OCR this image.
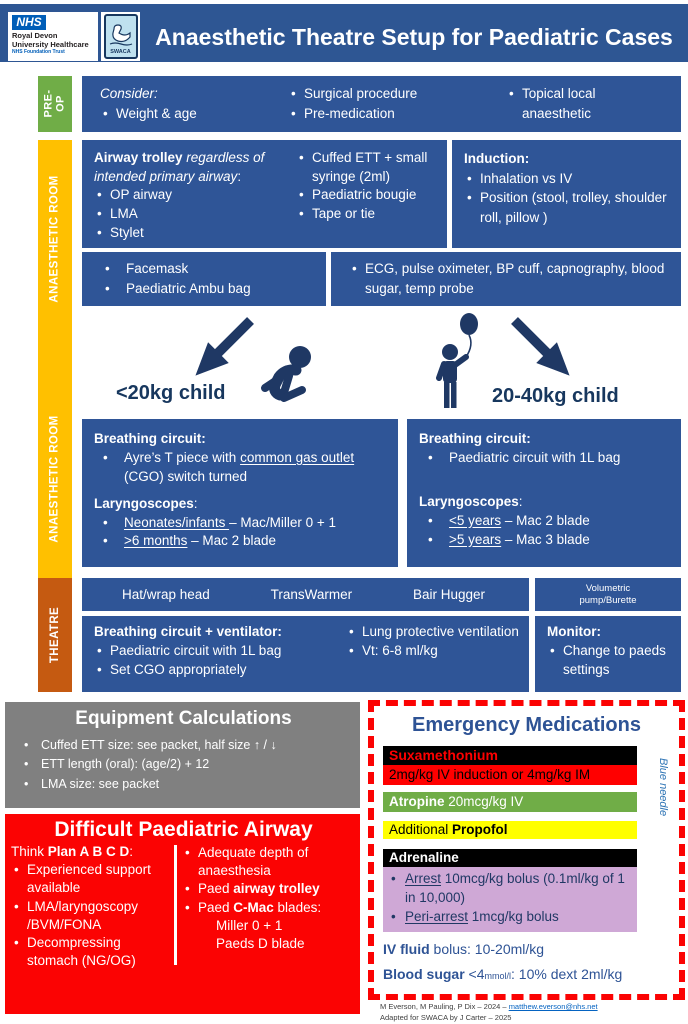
NHS
Royal Devon
University Healthcare
NHS Foundation Trust	SWACA
Anaesthetic Theatre Setup for Paediatric Cases
PRE- OP
Consider:
• Weight & age
• Surgical procedure
• Pre-medication
• Topical local anaesthetic
ANAESTHETIC ROOM
ANAESTHETIC ROOM
Airway trolley regardless of intended primary airway:
• OP airway
• LMA
• Stylet
• Cuffed ETT + small syringe (2ml)
• Paediatric bougie
• Tape or tie
Induction:
• Inhalation vs IV
• Position (stool, trolley, shoulder roll, pillow )
• Facemask
• Paediatric Ambu bag
• ECG, pulse oximeter, BP cuff, capnography, blood sugar, temp probe
<20kg child	20-40kg child
Breathing circuit:
• Ayre’s T piece with common gas outlet (CGO) switch turned
Laryngoscopes:
• Neonates/infants – Mac/Miller 0 + 1
• >6 months – Mac 2 blade
Breathing circuit:
• Paediatric circuit with 1L bag
Laryngoscopes:
• <5 years – Mac 2 blade
• >5 years – Mac 3 blade
THEATRE
Hat/wrap head	TransWarmer	Bair Hugger	Volumetric
pump/Burette
Breathing circuit + ventilator:
• Paediatric circuit with 1L bag
• Set CGO appropriately
• Lung protective ventilation
• Vt: 6-8 ml/kg
Monitor:
• Change to paeds settings
Equipment Calculations
• Cuffed ETT size: see packet, half size ↑ / ↓
• ETT length (oral): (age/2) + 12
• LMA size: see packet
Difficult Paediatric Airway
Think Plan A B C D:
• Experienced support available
• LMA/laryngoscopy /BVM/FONA
• Decompressing stomach (NG/OG)
• Adequate depth of anaesthesia
• Paed airway trolley
• Paed C-Mac blades:
Miller 0 + 1
Paeds D blade
Emergency Medications
Blue needle
Suxamethonium
2mg/kg IV induction or 4mg/kg IM
Atropine 20mcg/kg IV
Additional Propofol
Adrenaline
• Arrest 10mcg/kg bolus (0.1ml/kg of 1 in 10,000)
• Peri-arrest 1mcg/kg bolus
IV fluid bolus: 10-20ml/kg
Blood sugar <4mmol/l: 10% dext 2ml/kg
M Everson, M Pauling, P Dix – 2024 – matthew.everson@nhs.net
Adapted for SWACA by J Carter – 2025
